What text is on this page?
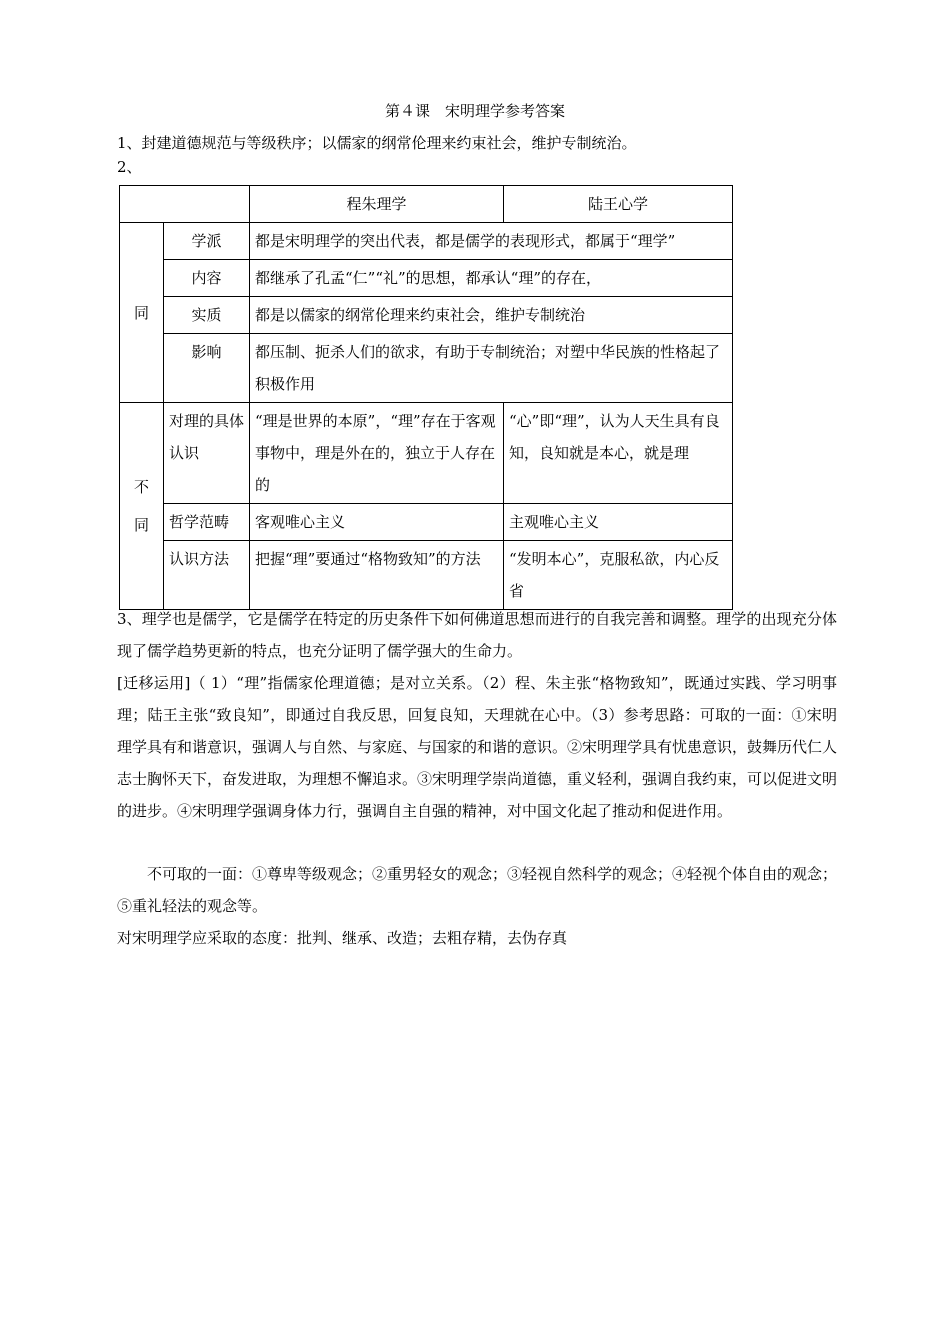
第４课　宋明理学参考答案
1、封建道德规范与等级秩序；以儒家的纲常伦理来约束社会，维护专制统治。
2、
		程朱理学	陆王心学
同	学派	都是宋明理学的突出代表，都是儒学的表现形式，都属于“理学”	
	内容	都继承了孔孟“仁”“礼”的思想，都承认“理”的存在，	
	实质	都是以儒家的纲常伦理来约束社会，维护专制统治	
	影响	都压制、扼杀人们的欲求，有助于专制统治；对塑中华民族的性格起了积极作用	

不
同	对理的具体认识	“理是世界的本原”，“理”存在于客观事物中，理是外在的，独立于人存在的	“心”即“理”，认为人天生具有良知，良知就是本心，就是理
	哲学范畴	客观唯心主义	主观唯心主义
	认识方法	把握“理”要通过“格物致知”的方法	“发明本心”，克服私欲，内心反省
3、理学也是儒学，它是儒学在特定的历史条件下如何佛道思想而进行的自我完善和调整。理学的出现充分体现了儒学趋势更新的特点，也充分证明了儒学强大的生命力。
[迁移运用]（ 1）“理”指儒家伦理道德；是对立关系。（2）程、朱主张“格物致知”，既通过实践、学习明事理；陆王主张“致良知”，即通过自我反思，回复良知，天理就在心中。（3）参考思路：可取的一面：①宋明理学具有和谐意识，强调人与自然、与家庭、与国家的和谐的意识。②宋明理学具有忧患意识，鼓舞历代仁人志士胸怀天下，奋发进取，为理想不懈追求。③宋明理学崇尚道德，重义轻利，强调自我约束，可以促进文明的进步。④宋明理学强调身体力行，强调自主自强的精神，对中国文化起了推动和促进作用。
不可取的一面：①尊卑等级观念；②重男轻女的观念；③轻视自然科学的观念；④轻视个体自由的观念；⑤重礼轻法的观念等。
对宋明理学应采取的态度：批判、继承、改造；去粗存精，去伪存真
